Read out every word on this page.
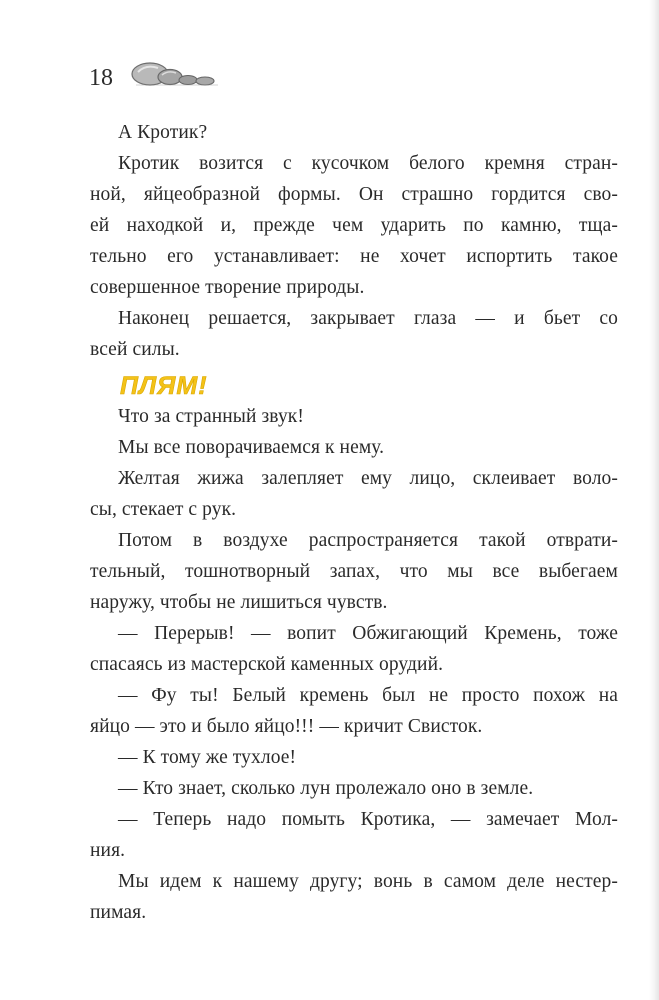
18

А Кротик?

Кротик возится с кусочком белого кремня стран-
ной, яйцеобразной формы. Он страшно гордится сво-
ей находкой и, прежде чем ударить по камню, тща-
тельно его устанавливает: не хочет испортить такое
совершенное творение природы.

Наконец решается, закрывает глаза — и бьет со
всей силы.

ПЛЯМ!

Что за странный звук!

Мы все поворачиваемся к нему.

Желтая жижа залепляет ему лицо, склеивает воло-
сы, стекает с рук.

Потом в воздухе распространяется такой отврати-
тельный, тошнотворный запах, что мы все выбегаем
наружу, чтобы не лишиться чувств.

— Перерыв! — вопит Обжигающий Кремень, тоже
спасаясь из мастерской каменных орудий.

— Фу ты! Белый кремень был не просто похож на
яйцо — это и было яйцо!!! — кричит Свисток.

— К тому же тухлое!

— Кто знает, сколько лун пролежало оно в земле.

— Теперь надо помыть Кротика, — замечает Мол-
ния.

Мы идем к нашему другу; вонь в самом деле нестер-
пимая.
